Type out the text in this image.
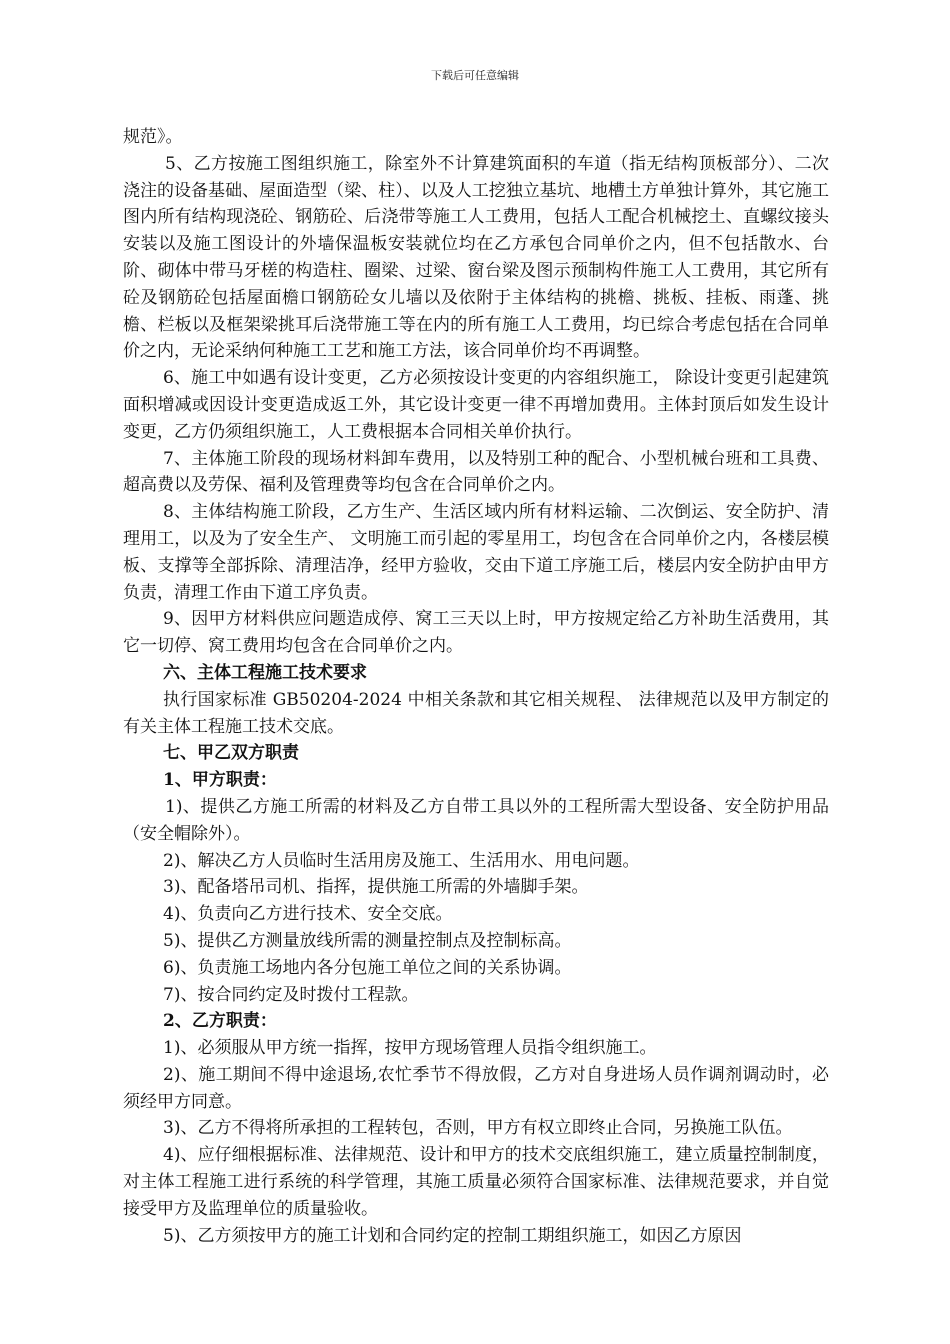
下载后可任意编辑

规范》。

5、乙方按施工图组织施工，除室外不计算建筑面积的车道（指无结构顶板部分）、二次浇注的设备基础、屋面造型（梁、柱）、以及人工挖独立基坑、地槽土方单独计算外，其它施工图内所有结构现浇砼、钢筋砼、后浇带等施工人工费用，包括人工配合机械挖土、直螺纹接头安装以及施工图设计的外墙保温板安装就位均在乙方承包合同单价之内，但不包括散水、台阶、砌体中带马牙槎的构造柱、圈梁、过梁、窗台梁及图示预制构件施工人工费用，其它所有砼及钢筋砼包括屋面檐口钢筋砼女儿墙以及依附于主体结构的挑檐、挑板、挂板、雨蓬、挑檐、栏板以及框架梁挑耳后浇带施工等在内的所有施工人工费用，均已综合考虑包括在合同单价之内，无论采纳何种施工工艺和施工方法，该合同单价均不再调整。

6、施工中如遇有设计变更，乙方必须按设计变更的内容组织施工， 除设计变更引起建筑面积增减或因设计变更造成返工外，其它设计变更一律不再增加费用。主体封顶后如发生设计变更，乙方仍须组织施工，人工费根据本合同相关单价执行。

7、主体施工阶段的现场材料卸车费用，以及特别工种的配合、小型机械台班和工具费、超高费以及劳保、福利及管理费等均包含在合同单价之内。

8、主体结构施工阶段，乙方生产、生活区域内所有材料运输、二次倒运、安全防护、清理用工，以及为了安全生产、 文明施工而引起的零星用工，均包含在合同单价之内，各楼层模板、支撑等全部拆除、清理洁净，经甲方验收，交由下道工序施工后，楼层内安全防护由甲方负责，清理工作由下道工序负责。

9、因甲方材料供应问题造成停、窝工三天以上时，甲方按规定给乙方补助生活费用，其它一切停、窝工费用均包含在合同单价之内。

六、主体工程施工技术要求

执行国家标准 GB50204-2024 中相关条款和其它相关规程、 法律规范以及甲方制定的有关主体工程施工技术交底。

七、甲乙双方职责

1、甲方职责：

1)、提供乙方施工所需的材料及乙方自带工具以外的工程所需大型设备、安全防护用品（安全帽除外）。

2)、解决乙方人员临时生活用房及施工、生活用水、用电问题。

3)、配备塔吊司机、指挥，提供施工所需的外墙脚手架。

4)、负责向乙方进行技术、安全交底。

5)、提供乙方测量放线所需的测量控制点及控制标高。

6)、负责施工场地内各分包施工单位之间的关系协调。

7)、按合同约定及时拨付工程款。

2、乙方职责：

1)、必须服从甲方统一指挥，按甲方现场管理人员指令组织施工。

2)、施工期间不得中途退场,农忙季节不得放假，乙方对自身进场人员作调剂调动时，必须经甲方同意。

3)、乙方不得将所承担的工程转包，否则，甲方有权立即终止合同，另换施工队伍。

4)、应仔细根据标准、法律规范、设计和甲方的技术交底组织施工，建立质量控制制度，对主体工程施工进行系统的科学管理，其施工质量必须符合国家标准、法律规范要求，并自觉接受甲方及监理单位的质量验收。

5)、乙方须按甲方的施工计划和合同约定的控制工期组织施工，如因乙方原因
